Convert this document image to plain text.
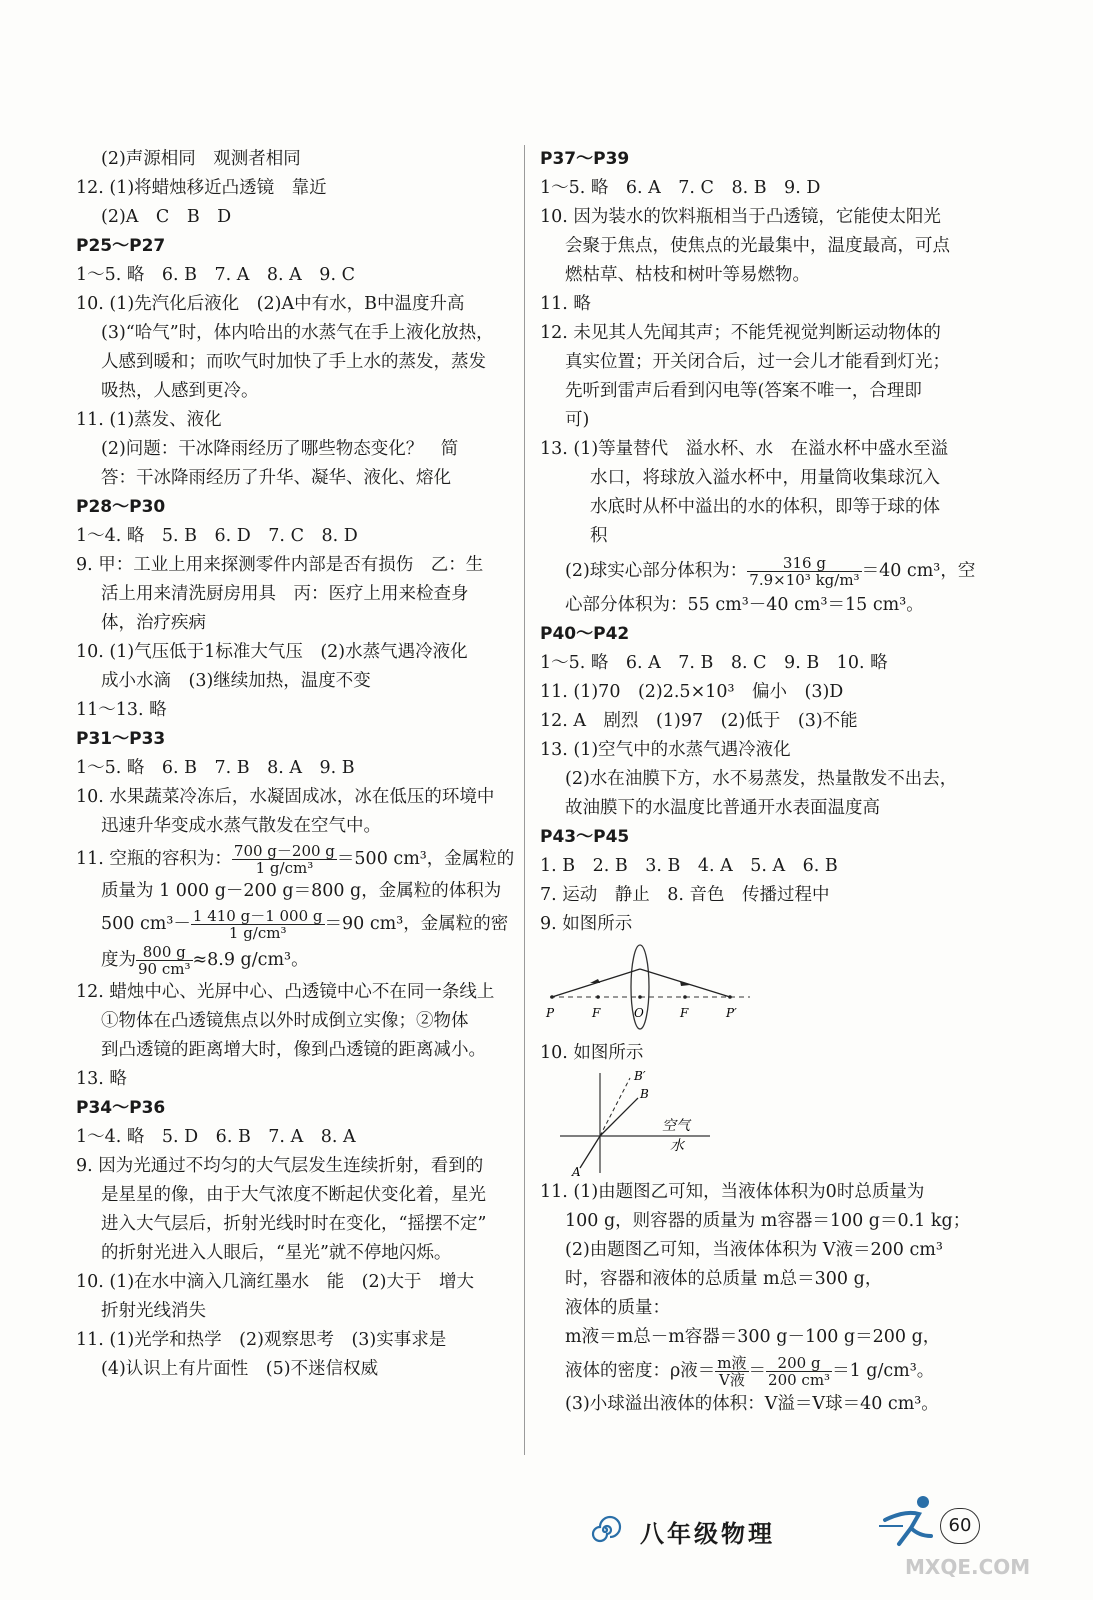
(2)声源相同　观测者相同
12. (1)将蜡烛移近凸透镜　靠近
(2)A　C　B　D
P25～P27
1～5. 略　6. B　7. A　8. A　9. C
10. (1)先汽化后液化　(2)A中有水，B中温度升高
(3)“哈气”时，体内哈出的水蒸气在手上液化放热，
人感到暖和；而吹气时加快了手上水的蒸发，蒸发
吸热，人感到更冷。
11. (1)蒸发、液化
(2)问题：干冰降雨经历了哪些物态变化？　简
答：干冰降雨经历了升华、凝华、液化、熔化
P28～P30
1～4. 略　5. B　6. D　7. C　8. D
9. 甲：工业上用来探测零件内部是否有损伤　乙：生
活上用来清洗厨房用具　丙：医疗上用来检查身
体，治疗疾病
10. (1)气压低于1标准大气压　(2)水蒸气遇冷液化
成小水滴　(3)继续加热，温度不变
11～13. 略
P31～P33
1～5. 略　6. B　7. B　8. A　9. B
10. 水果蔬菜冷冻后，水凝固成冰，冰在低压的环境中
迅速升华变成水蒸气散发在空气中。
11. 空瓶的容积为： $\frac{700 g-200 g}{\text{1 g/cm³}} =500$ cm³，金属粒的
质量为 1 000 g－200 g＝800 g，金属粒的体积为
500 $cm^3- \frac{1 410 g-1 000 g}{\text{1 g/cm³}} =90$ cm³，金属粒的密
度为 $\frac{800 g}{\text{90 cm³}} \approx 8.9$ g/cm³。
12. 蜡烛中心、光屏中心、凸透镜中心不在同一条线上
①物体在凸透镜焦点以外时成倒立实像；②物体
到凸透镜的距离增大时，像到凸透镜的距离减小。
13. 略
P34～P36
1～4. 略　5. D　6. B　7. A　8. A
9. 因为光通过不均匀的大气层发生连续折射，看到的
是星星的像，由于大气浓度不断起伏变化着，星光
进入大气层后，折射光线时时在变化，“摇摆不定”
的折射光进入人眼后，“星光”就不停地闪烁。
10. (1)在水中滴入几滴红墨水　能　(2)大于　增大
折射光线消失
11. (1)光学和热学　(2)观察思考　(3)实事求是
(4)认识上有片面性　(5)不迷信权威
P37～P39
1～5. 略　6. A　7. C　8. B　9. D
10. 因为装水的饮料瓶相当于凸透镜，它能使太阳光
会聚于焦点，使焦点的光最集中，温度最高，可点
燃枯草、枯枝和树叶等易燃物。
11. 略
12. 未见其人先闻其声；不能凭视觉判断运动物体的
真实位置；开关闭合后，过一会儿才能看到灯光；
先听到雷声后看到闪电等(答案不唯一，合理即
可)
13. (1)等量替代　溢水杯、水　在溢水杯中盛水至溢
水口，将球放入溢水杯中，用量筒收集球沉入
水底时从杯中溢出的水的体积，即等于球的体
积
(2)球实心部分体积为： $\frac{316 g}{\text{7.9×10³ kg/m³}} =40$ cm³，空
心部分体积为：55 cm³－40 cm³＝15 cm³。
P40～P42
1～5. 略　6. A　7. B　8. C　9. B　10. 略
11. (1)70　(2)2.5×10³　偏小　(3)D
12. A　剧烈　(1)97　(2)低于　(3)不能
13. (1)空气中的水蒸气遇冷液化
(2)水在油膜下方，水不易蒸发，热量散发不出去，
故油膜下的水温度比普通开水表面温度高
P43～P45
1. B　2. B　3. B　4. A　5. A　6. B
7. 运动　静止　8. 音色　传播过程中
9. 如图所示
P	F	O	F	P′
10. 如图所示
B′
B
A
空气
水
11. (1)由题图乙可知，当液体体积为0时总质量为
100 g，则容器的质量为 m容器＝100 g＝0.1 kg；
(2)由题图乙可知，当液体体积为 V液＝200 cm³
时，容器和液体的总质量 m总＝300 g，
液体的质量：
m液＝m总－m容器＝300 g－100 g＝200 g，
液体的密度：ρ液＝ $\frac{\text{m液}}{\text{V液}} = \frac{200 g}{\text{200 cm³}} =1$ g/cm³。
(3)小球溢出液体的体积：V溢＝V球＝40 cm³。
八年级物理	60
MXQE.COM
